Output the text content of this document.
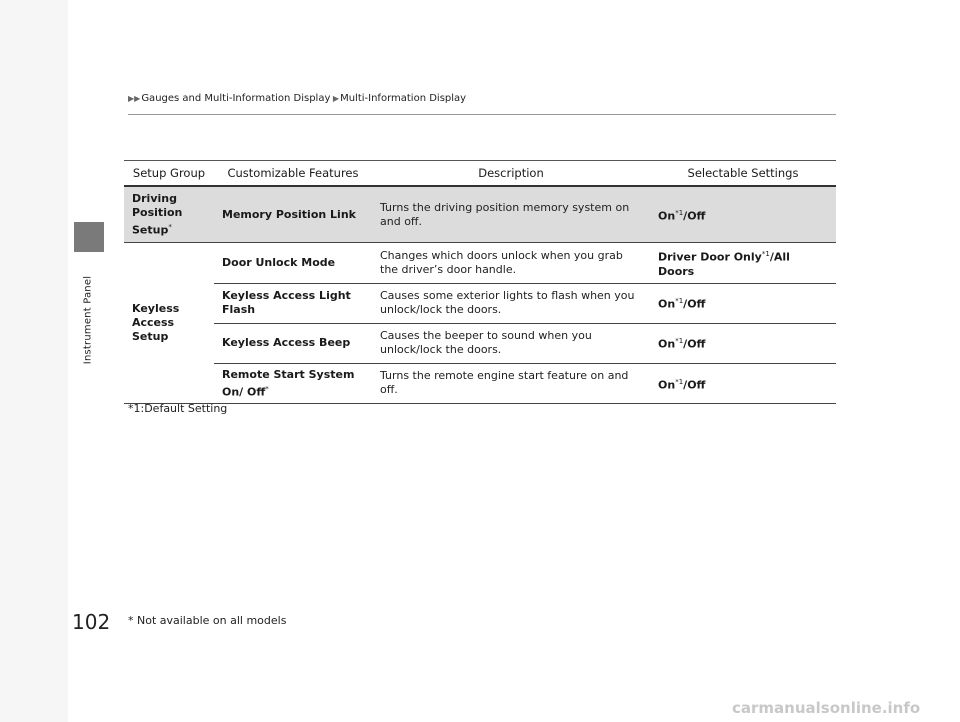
Instrument Panel
▶▶Gauges and Multi-Information Display ▶Multi-Information Display
Setup Group	Customizable Features	Description	Selectable Settings
Driving Position Setup*	Memory Position Link	Turns the driving position memory system on and off.	On$^{*1}$/Off
Keyless Access Setup	Door Unlock Mode	Changes which doors unlock when you grab the driver’s door handle.	Driver Door Only$^{*1}$/All Doors
	Keyless Access Light Flash	Causes some exterior lights to flash when you unlock/lock the doors.	On$^{*1}$/Off
	Keyless Access Beep	Causes the beeper to sound when you unlock/lock the doors.	On$^{*1}$/Off
	Remote Start System On/ Off*	Turns the remote engine start feature on and off.	On$^{*1}$/Off
*1:Default Setting
102 * Not available on all models
carmanualsonline.info
